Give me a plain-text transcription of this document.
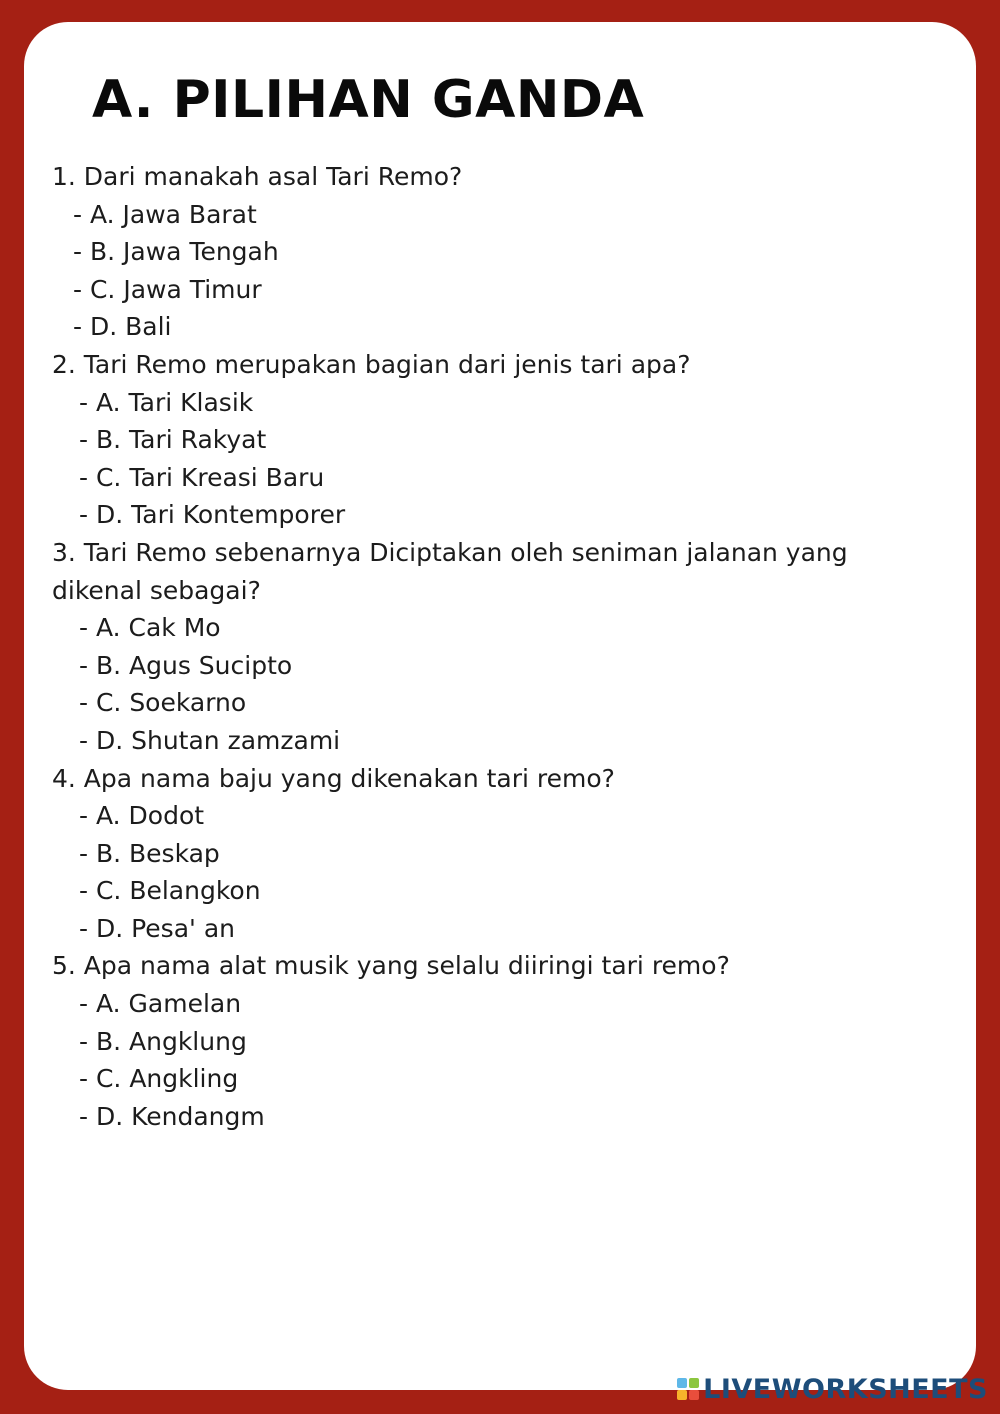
A. PILIHAN GANDA

1. Dari manakah asal Tari Remo?

- A. Jawa Barat

- B. Jawa Tengah

- C. Jawa Timur

- D. Bali

2. Tari Remo merupakan bagian dari jenis tari apa?

- A. Tari Klasik

- B. Tari Rakyat

- C. Tari Kreasi Baru

- D. Tari Kontemporer

3. Tari Remo sebenarnya Diciptakan oleh seniman jalanan yang dikenal sebagai?

- A. Cak Mo

- B. Agus Sucipto

- C. Soekarno

- D. Shutan zamzami

4. Apa nama baju yang dikenakan tari remo?

- A. Dodot

- B. Beskap

- C. Belangkon

- D. Pesa' an

5. Apa nama alat musik yang selalu diiringi tari remo?

- A. Gamelan

- B. Angklung

- C. Angkling

- D. Kendangm

LIVEWORKSHEETS
